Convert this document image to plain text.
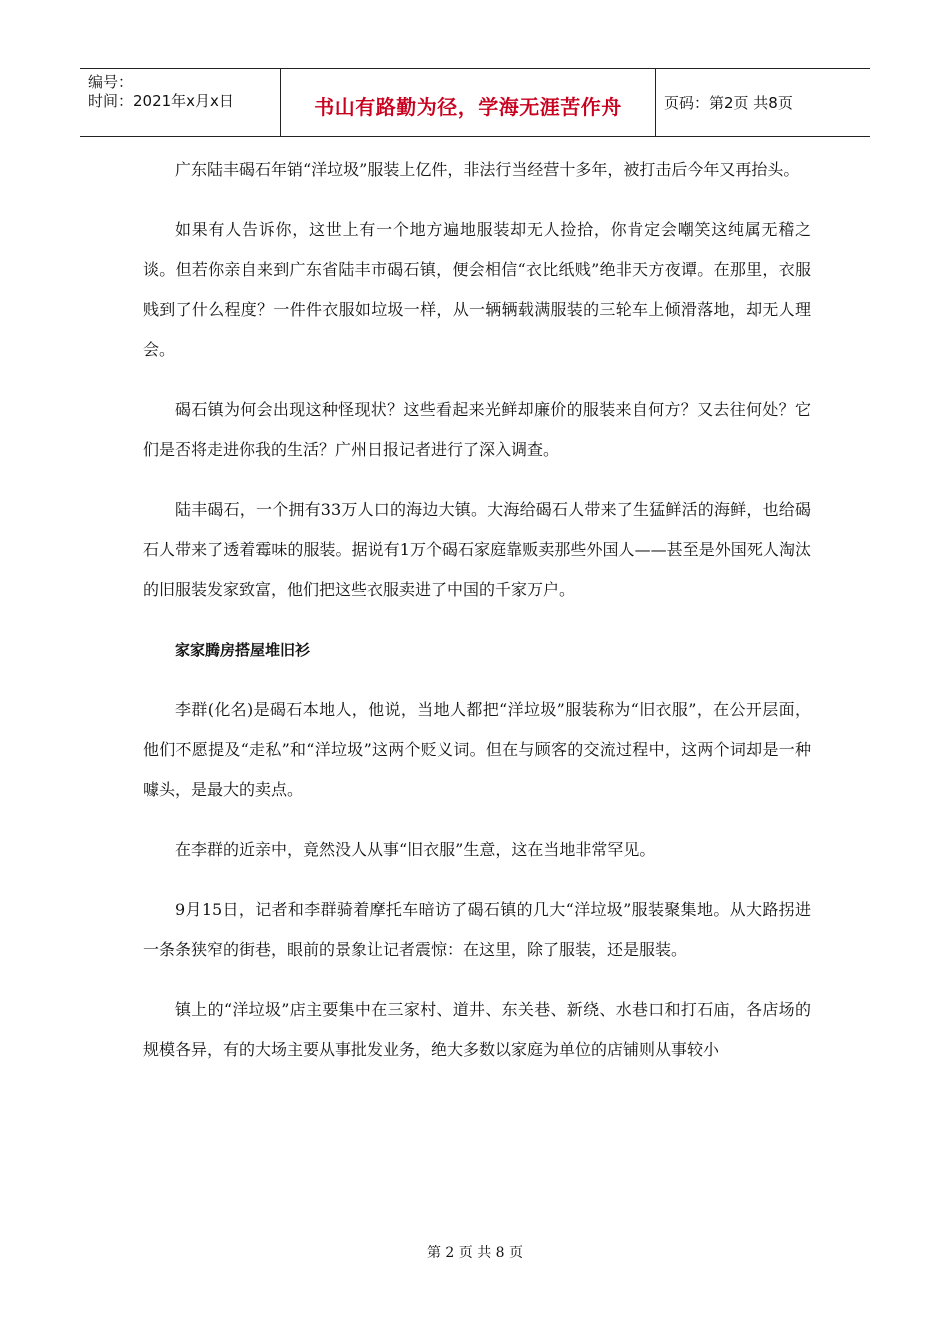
编号：
时间：2021年x月x日	书山有路勤为径，学海无涯苦作舟	页码：第2页 共8页

广东陆丰碣石年销“洋垃圾”服装上亿件，非法行当经营十多年，被打击后今年又再抬头。

如果有人告诉你，这世上有一个地方遍地服装却无人捡拾，你肯定会嘲笑这纯属无稽之谈。但若你亲自来到广东省陆丰市碣石镇，便会相信“衣比纸贱”绝非天方夜谭。在那里，衣服贱到了什么程度？一件件衣服如垃圾一样，从一辆辆载满服装的三轮车上倾滑落地，却无人理会。

碣石镇为何会出现这种怪现状？这些看起来光鲜却廉价的服装来自何方？又去往何处？它们是否将走进你我的生活？广州日报记者进行了深入调查。

陆丰碣石，一个拥有33万人口的海边大镇。大海给碣石人带来了生猛鲜活的海鲜，也给碣石人带来了透着霉味的服装。据说有1万个碣石家庭靠贩卖那些外国人——甚至是外国死人淘汰的旧服装发家致富，他们把这些衣服卖进了中国的千家万户。

家家腾房搭屋堆旧衫

李群(化名)是碣石本地人，他说，当地人都把“洋垃圾”服装称为“旧衣服”，在公开层面，他们不愿提及“走私”和“洋垃圾”这两个贬义词。但在与顾客的交流过程中，这两个词却是一种噱头，是最大的卖点。

在李群的近亲中，竟然没人从事“旧衣服”生意，这在当地非常罕见。

9月15日，记者和李群骑着摩托车暗访了碣石镇的几大“洋垃圾”服装聚集地。从大路拐进一条条狭窄的街巷，眼前的景象让记者震惊：在这里，除了服装，还是服装。

镇上的“洋垃圾”店主要集中在三家村、道井、东关巷、新绕、水巷口和打石庙，各店场的规模各异，有的大场主要从事批发业务，绝大多数以家庭为单位的店铺则从事较小

第 2 页 共 8 页
